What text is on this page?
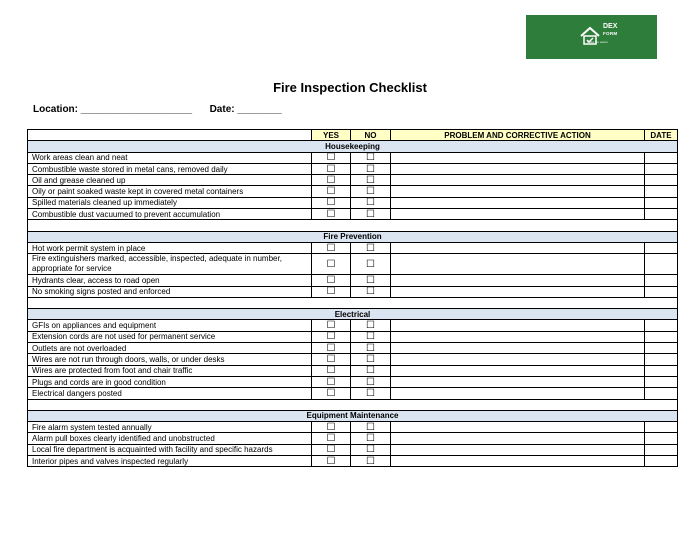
DEX
FORM
Make life easier
Fire Inspection Checklist
Location: ____________________ Date: ________
	YES	NO	PROBLEM AND CORRECTIVE ACTION	DATE
Housekeeping				
Work areas clean and neat	☐	☐		
Combustible waste stored in metal cans, removed daily	☐	☐		
Oil and grease cleaned up	☐	☐		
Oily or paint soaked waste kept in covered metal containers	☐	☐		
Spilled materials cleaned up immediately	☐	☐		
Combustible dust vacuumed to prevent accumulation	☐	☐		

Fire Prevention				
Hot work permit system in place	☐	☐		
Fire extinguishers marked, accessible, inspected, adequate in number, appropriate for service	☐	☐		
Hydrants clear, access to road open	☐	☐		
No smoking signs posted and enforced	☐	☐		

Electrical				
GFIs on appliances and equipment	☐	☐		
Extension cords are not used for permanent service	☐	☐		
Outlets are not overloaded	☐	☐		
Wires are not run through doors, walls, or under desks	☐	☐		
Wires are protected from foot and chair traffic	☐	☐		
Plugs and cords are in good condition	☐	☐		
Electrical dangers posted	☐	☐		

Equipment Maintenance				
Fire alarm system tested annually	☐	☐		
Alarm pull boxes clearly identified and unobstructed	☐	☐		
Local fire department is acquainted with facility and specific hazards	☐	☐		
Interior pipes and valves inspected regularly	☐	☐		
